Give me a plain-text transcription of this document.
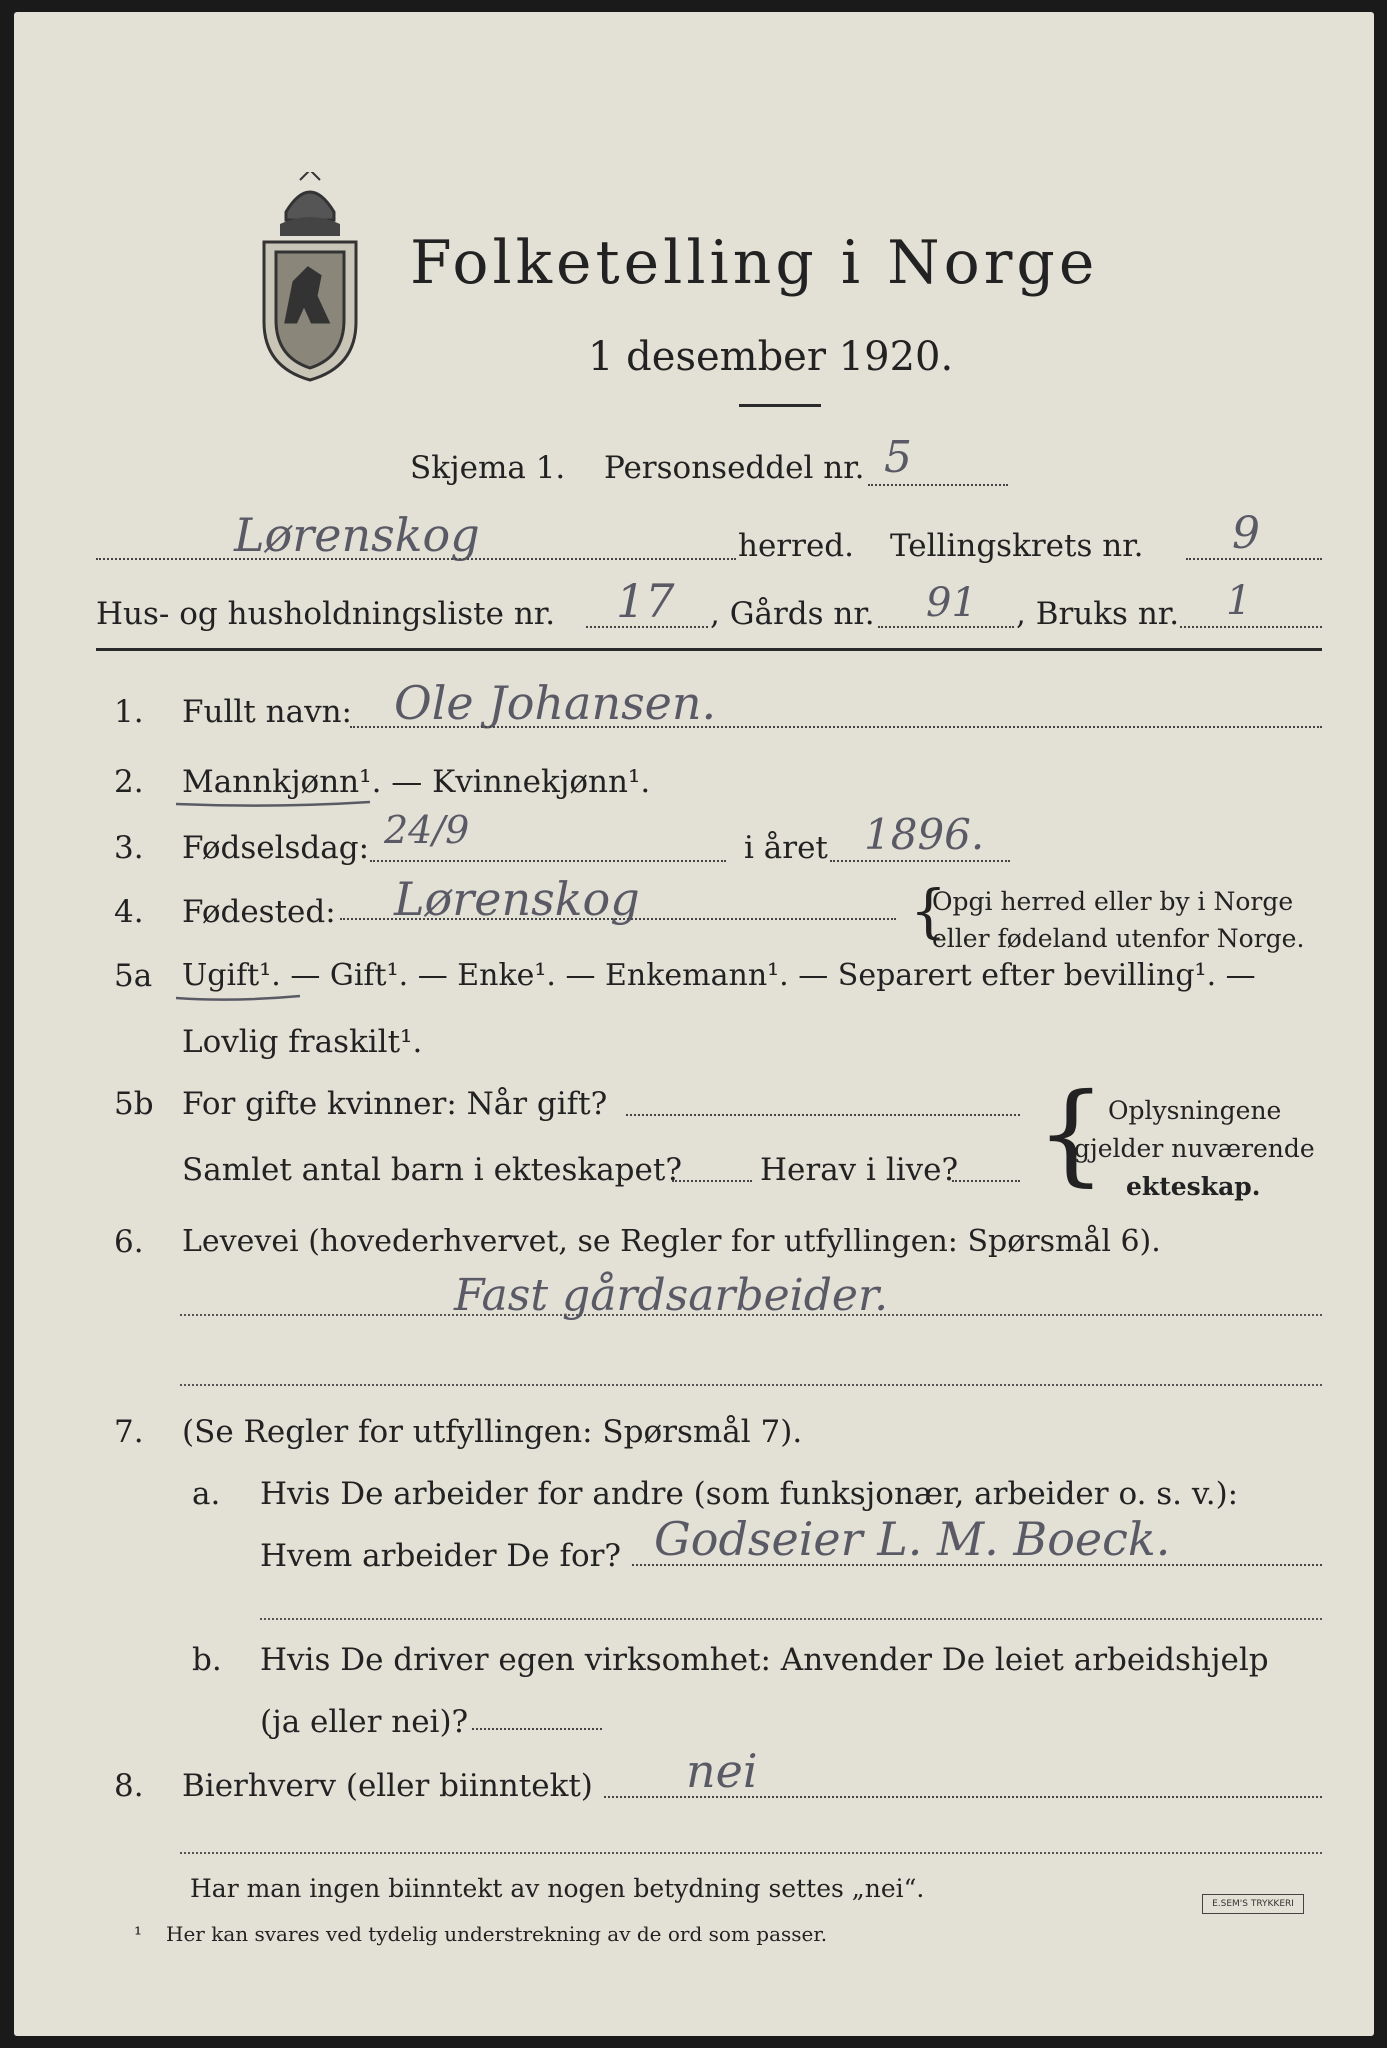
Folketelling i Norge
1 desember 1920.
Skjema 1. Personseddel nr. 5
Lørenskog	herred. Tellingskrets nr. 9
Hus- og husholdningsliste nr. 17 , Gårds nr. 91 , Bruks nr. 1
1. Fullt navn: Ole Johansen.
2. Mannkjønn¹. — Kvinnekjønn¹.
3. Fødselsdag: 24/9	i året 1896.
4. Fødested: Lørenskog	{
Opgi herred eller by i Norge
eller fødeland utenfor Norge.
5a Ugift¹. — Gift¹. — Enke¹. — Enkemann¹. — Separert efter bevilling¹. —
Lovlig fraskilt¹.
5b For gifte kvinner: Når gift?
Samlet antal barn i ekteskapet?	Herav i live? { Oplysningene
gjelder nuværende
ekteskap.
6. Levevei (hovederhvervet, se Regler for utfyllingen: Spørsmål 6).
Fast gårdsarbeider.
7. (Se Regler for utfyllingen: Spørsmål 7).
a. Hvis De arbeider for andre (som funksjonær, arbeider o. s. v.):
Hvem arbeider De for? Godseier L. M. Boeck.
b. Hvis De driver egen virksomhet: Anvender De leiet arbeidshjelp
(ja eller nei)?
8. Bierhverv (eller biinntekt) nei
Har man ingen biinntekt av nogen betydning settes „nei“.
¹ Her kan svares ved tydelig understrekning av de ord som passer.
E.SEM'S TRYKKERI
